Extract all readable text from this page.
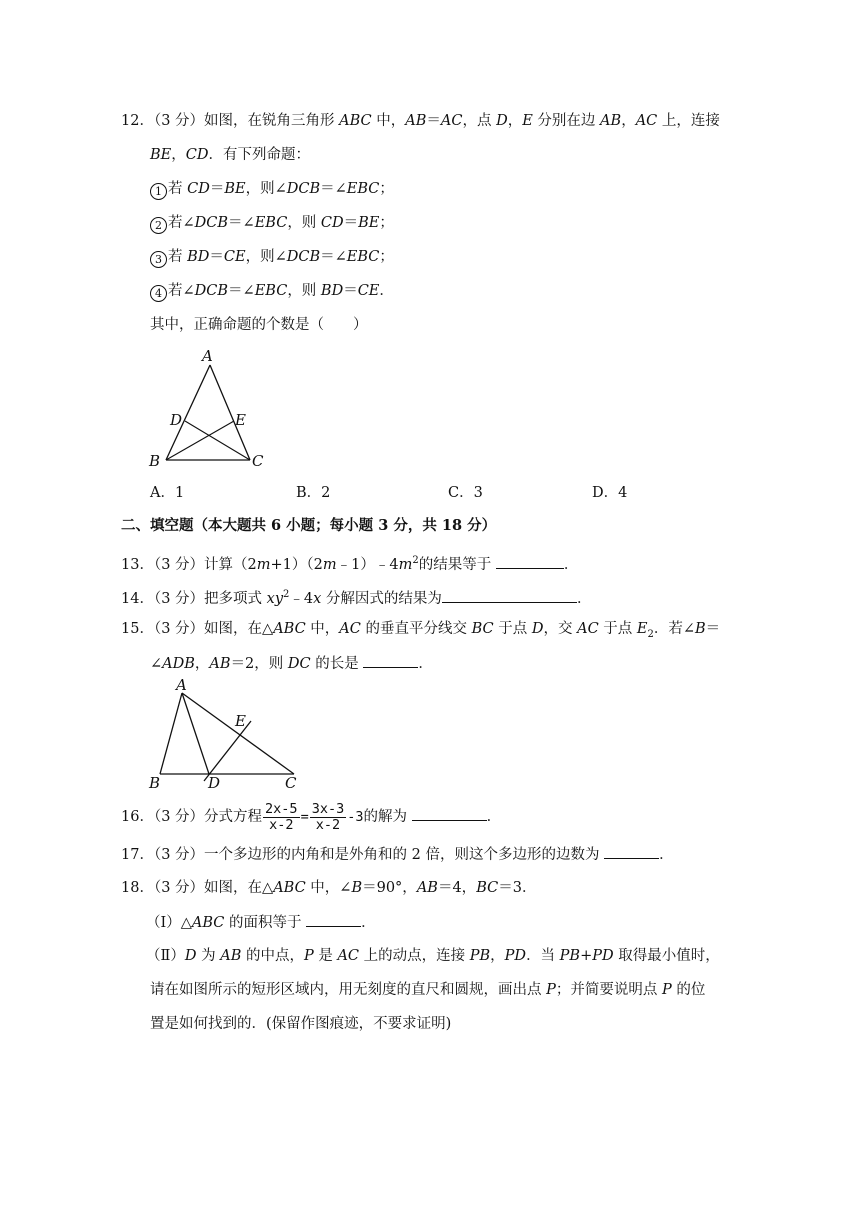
12．（3 分）如图，在锐角三角形 ABC 中，AB＝AC，点 D，E 分别在边 AB，AC 上，连接
BE，CD．有下列命题：
1 若 CD＝BE，则∠DCB＝∠EBC；
2 若∠DCB＝∠EBC，则 CD＝BE；
3 若 BD＝CE，则∠DCB＝∠EBC；
4 若∠DCB＝∠EBC，则 BD＝CE．
其中，正确命题的个数是（　　）
A
B	C
D	E
A．1	B．2	C．3	D．4
二、填空题（本大题共 6 小题；每小题 3 分，共 18 分）
13．（3 分）计算$(2m+1)(2m﹣1)﹣4m^2$的结果等于	．
14．（3 分）把多项式 $xy^2﹣4x$ 分解因式的结果为	．
15．（3 分）如图，在△ABC 中，AC 的垂直平分线交 BC 于点 D，交 AC 于点 $E_2$．若∠B＝
∠ADB，AB＝2，则 DC 的长是	．
A
B	C
D
E
16．（3 分）分式方程 $\frac{2x-5}{x-2} = \frac{3x-3}{x-2} -3$的解为	．
17．（3 分）一个多边形的内角和是外角和的 2 倍，则这个多边形的边数为	．
18．（3 分）如图，在△ABC 中，∠B＝90°，AB＝4，BC＝3．
（Ⅰ）△ABC 的面积等于	．
（Ⅱ）D 为 AB 的中点，P 是 AC 上的动点，连接 PB，PD．当 PB+PD 取得最小值时，
请在如图所示的短形区域内，用无刻度的直尺和圆规，画出点 P；并简要说明点 P 的位
置是如何找到的．(保留作图痕迹，不要求证明)
